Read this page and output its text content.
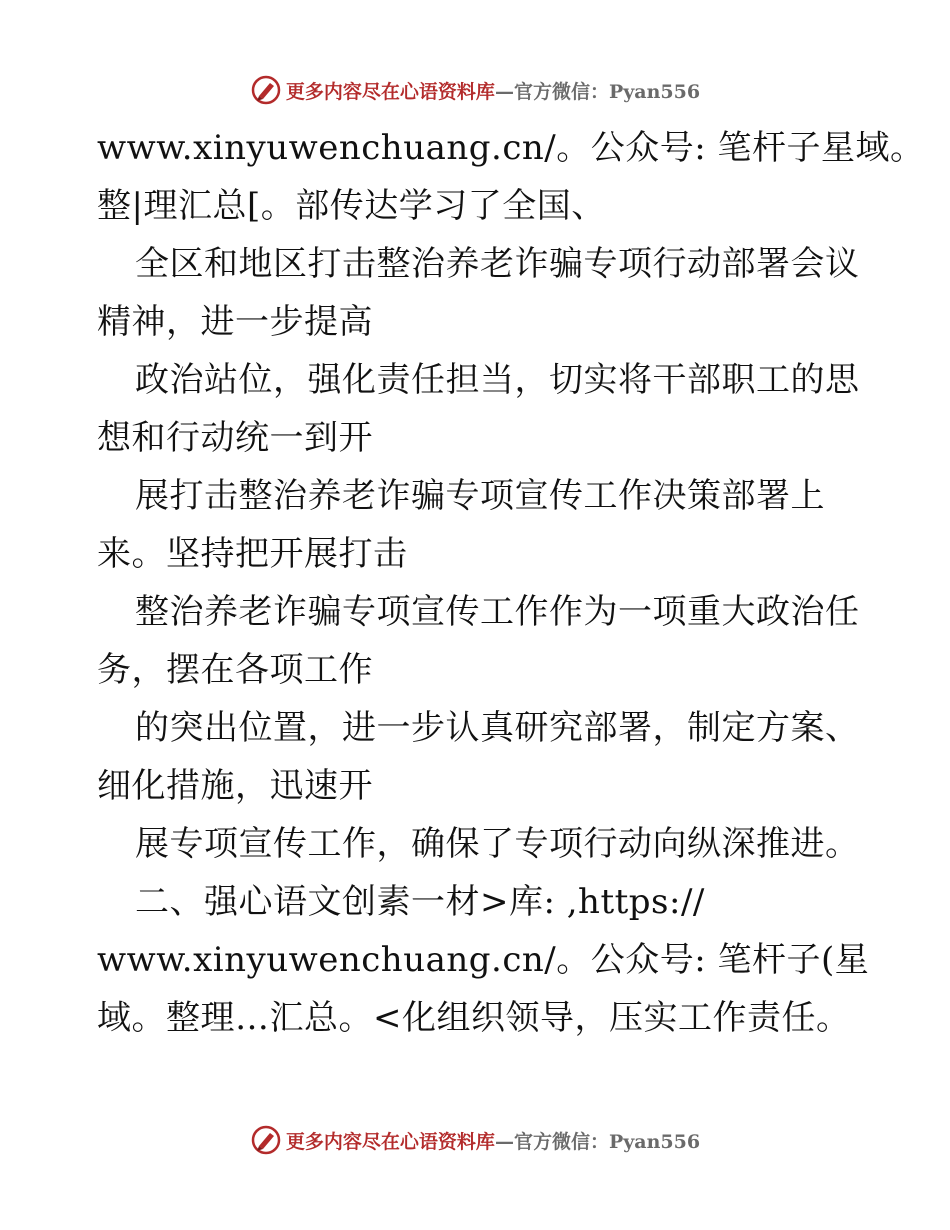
更多内容尽在心语资料库—官方微信：Pyan556
www.xinyuwenchuang.cn/。公众号: 笔杆子星域。
整|理汇总[。部传达学习了全国、
全区和地区打击整治养老诈骗专项行动部署会议
精神，进一步提高
政治站位，强化责任担当，切实将干部职工的思
想和行动统一到开
展打击整治养老诈骗专项宣传工作决策部署上
来。坚持把开展打击
整治养老诈骗专项宣传工作作为一项重大政治任
务，摆在各项工作
的突出位置，进一步认真研究部署，制定方案、
细化措施，迅速开
展专项宣传工作，确保了专项行动向纵深推进。
二、强心语文创素一材>库: ,https://
www.xinyuwenchuang.cn/。公众号: 笔杆子(星
域。整理…汇总。<化组织领导，压实工作责任。
更多内容尽在心语资料库—官方微信：Pyan556
